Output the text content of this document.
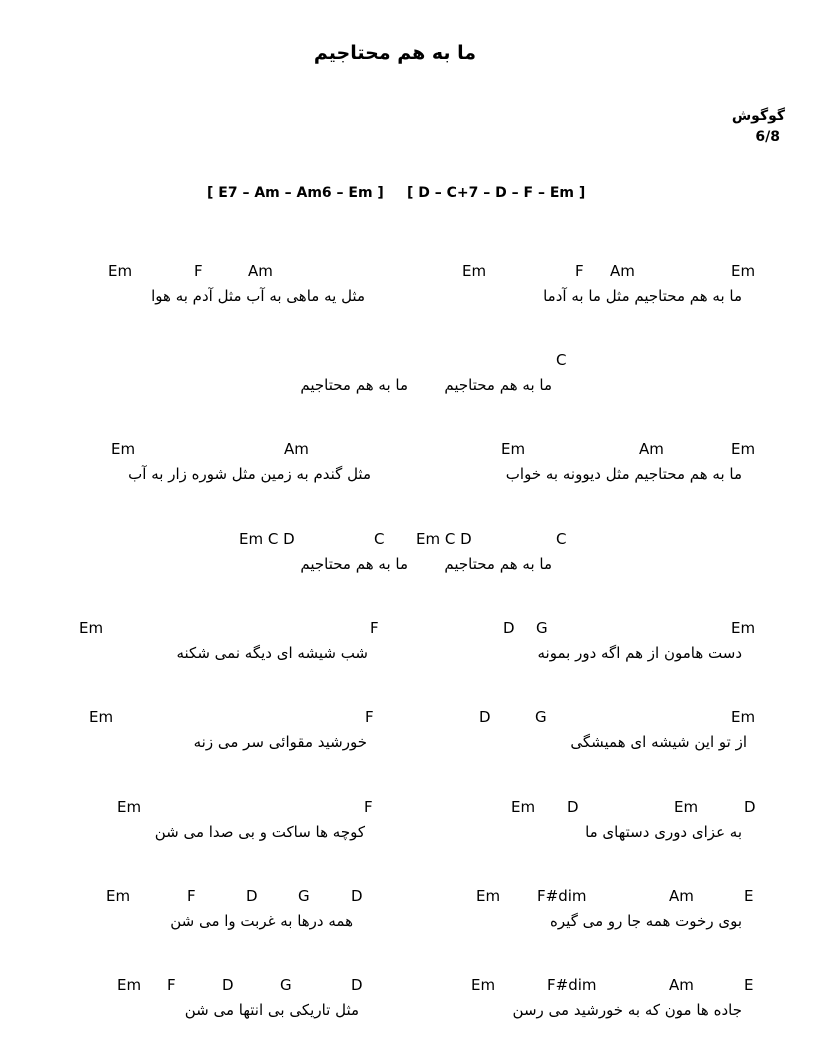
ما به هم محتاجیم
گوگوش
6/8
[ E7 – Am – Am6 – Em ] [ D – C+7 – D – F – Em ]
Em	F	Am	Em	F Am	Em
مثل یه ماهی به آب مثل آدم به هوا	ما به هم محتاجیم مثل ما به آدما
C
ما به هم محتاجیم ما به هم محتاجیم
Em	Am	Em	Am	Em
مثل گندم به زمین مثل شوره زار به آب	ما به هم محتاجیم مثل دیوونه به خواب
Em C D	C Em C D	C
ما به هم محتاجیم ما به هم محتاجیم
Em	F	D G	Em
شب شیشه ای دیگه نمی شکنه	دست هامون از هم اگه دور بمونه
Em	F	D	G	Em
خورشید مقوائی سر می زنه	از تو این شیشه ای همیشگی
Em	F	Em D	Em	D
کوچه ها ساکت و بی صدا می شن	به عزای دوری دستهای ما
Em	F	D	G	D	Em F#dim	Am	E
همه درها به غربت وا می شن	بوی رخوت همه جا رو می گیره
Em F	D	G	D	Em	F#dim	Am	E
مثل تاریکی بی انتها می شن	جاده ها مون که به خورشید می رسن
